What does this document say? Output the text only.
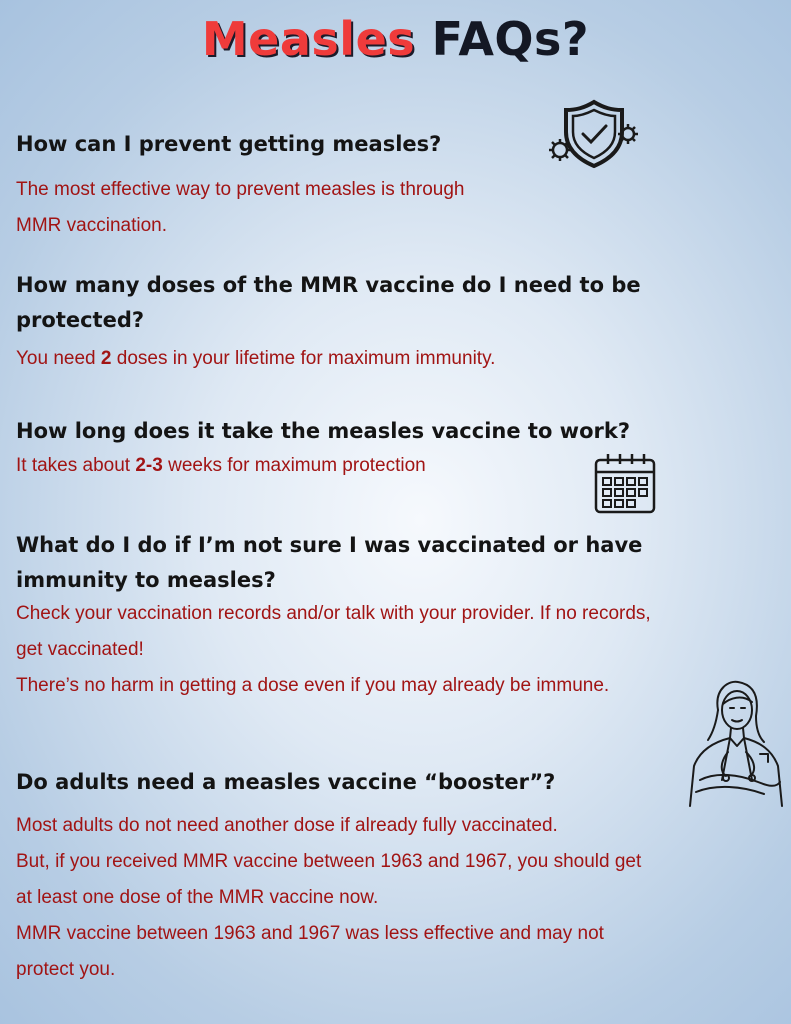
Measles FAQs?

How can I prevent getting measles?

The most effective way to prevent measles is through
MMR vaccination.
How many doses of the MMR vaccine do I need to be
protected?
You need 2 doses in your lifetime for maximum immunity.

How long does it take the measles vaccine to work?

It takes about 2-3 weeks for maximum protection
What do I do if I’m not sure I was vaccinated or have
immunity to measles?
Check your vaccination records and/or talk with your provider. If no records,
get vaccinated!
There’s no harm in getting a dose even if you may already be immune.

Do adults need a measles vaccine “booster”?

Most adults do not need another dose if already fully vaccinated.
But, if you received MMR vaccine between 1963 and 1967, you should get
at least one dose of the MMR vaccine now.
MMR vaccine between 1963 and 1967 was less effective and may not
protect you.
